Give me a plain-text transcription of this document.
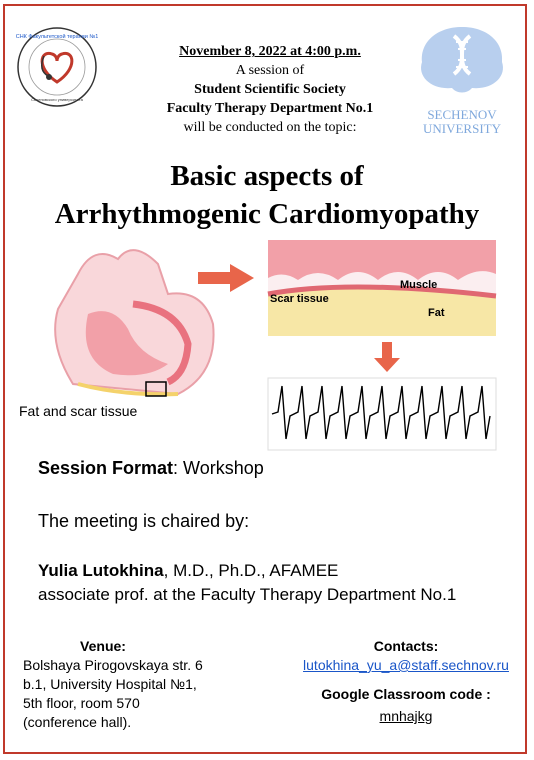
СНК Факультетской терапии №1
Сеченовского университета
SECHENOV
UNIVERSITY
November 8, 2022 at 4:00 p.m.
A session of
Student Scientific Society
Faculty Therapy Department No.1
will be conducted on the topic:
Basic aspects of
Arrhythmogenic Cardiomyopathy
Fat and scar tissue
Scar tissue
Muscle
Fat
Session Format: Workshop
The meeting is chaired by:
Yulia Lutokhina, M.D., Ph.D., AFAMEE
associate prof. at the Faculty Therapy Department No.1
Venue:
Bolshaya Pirogovskaya str. 6
b.1, University Hospital №1,
5th floor, room 570
(conference hall).
Contacts:
lutokhina_yu_a@staff.sechnov.ru
Google Classroom code :
mnhajkg
